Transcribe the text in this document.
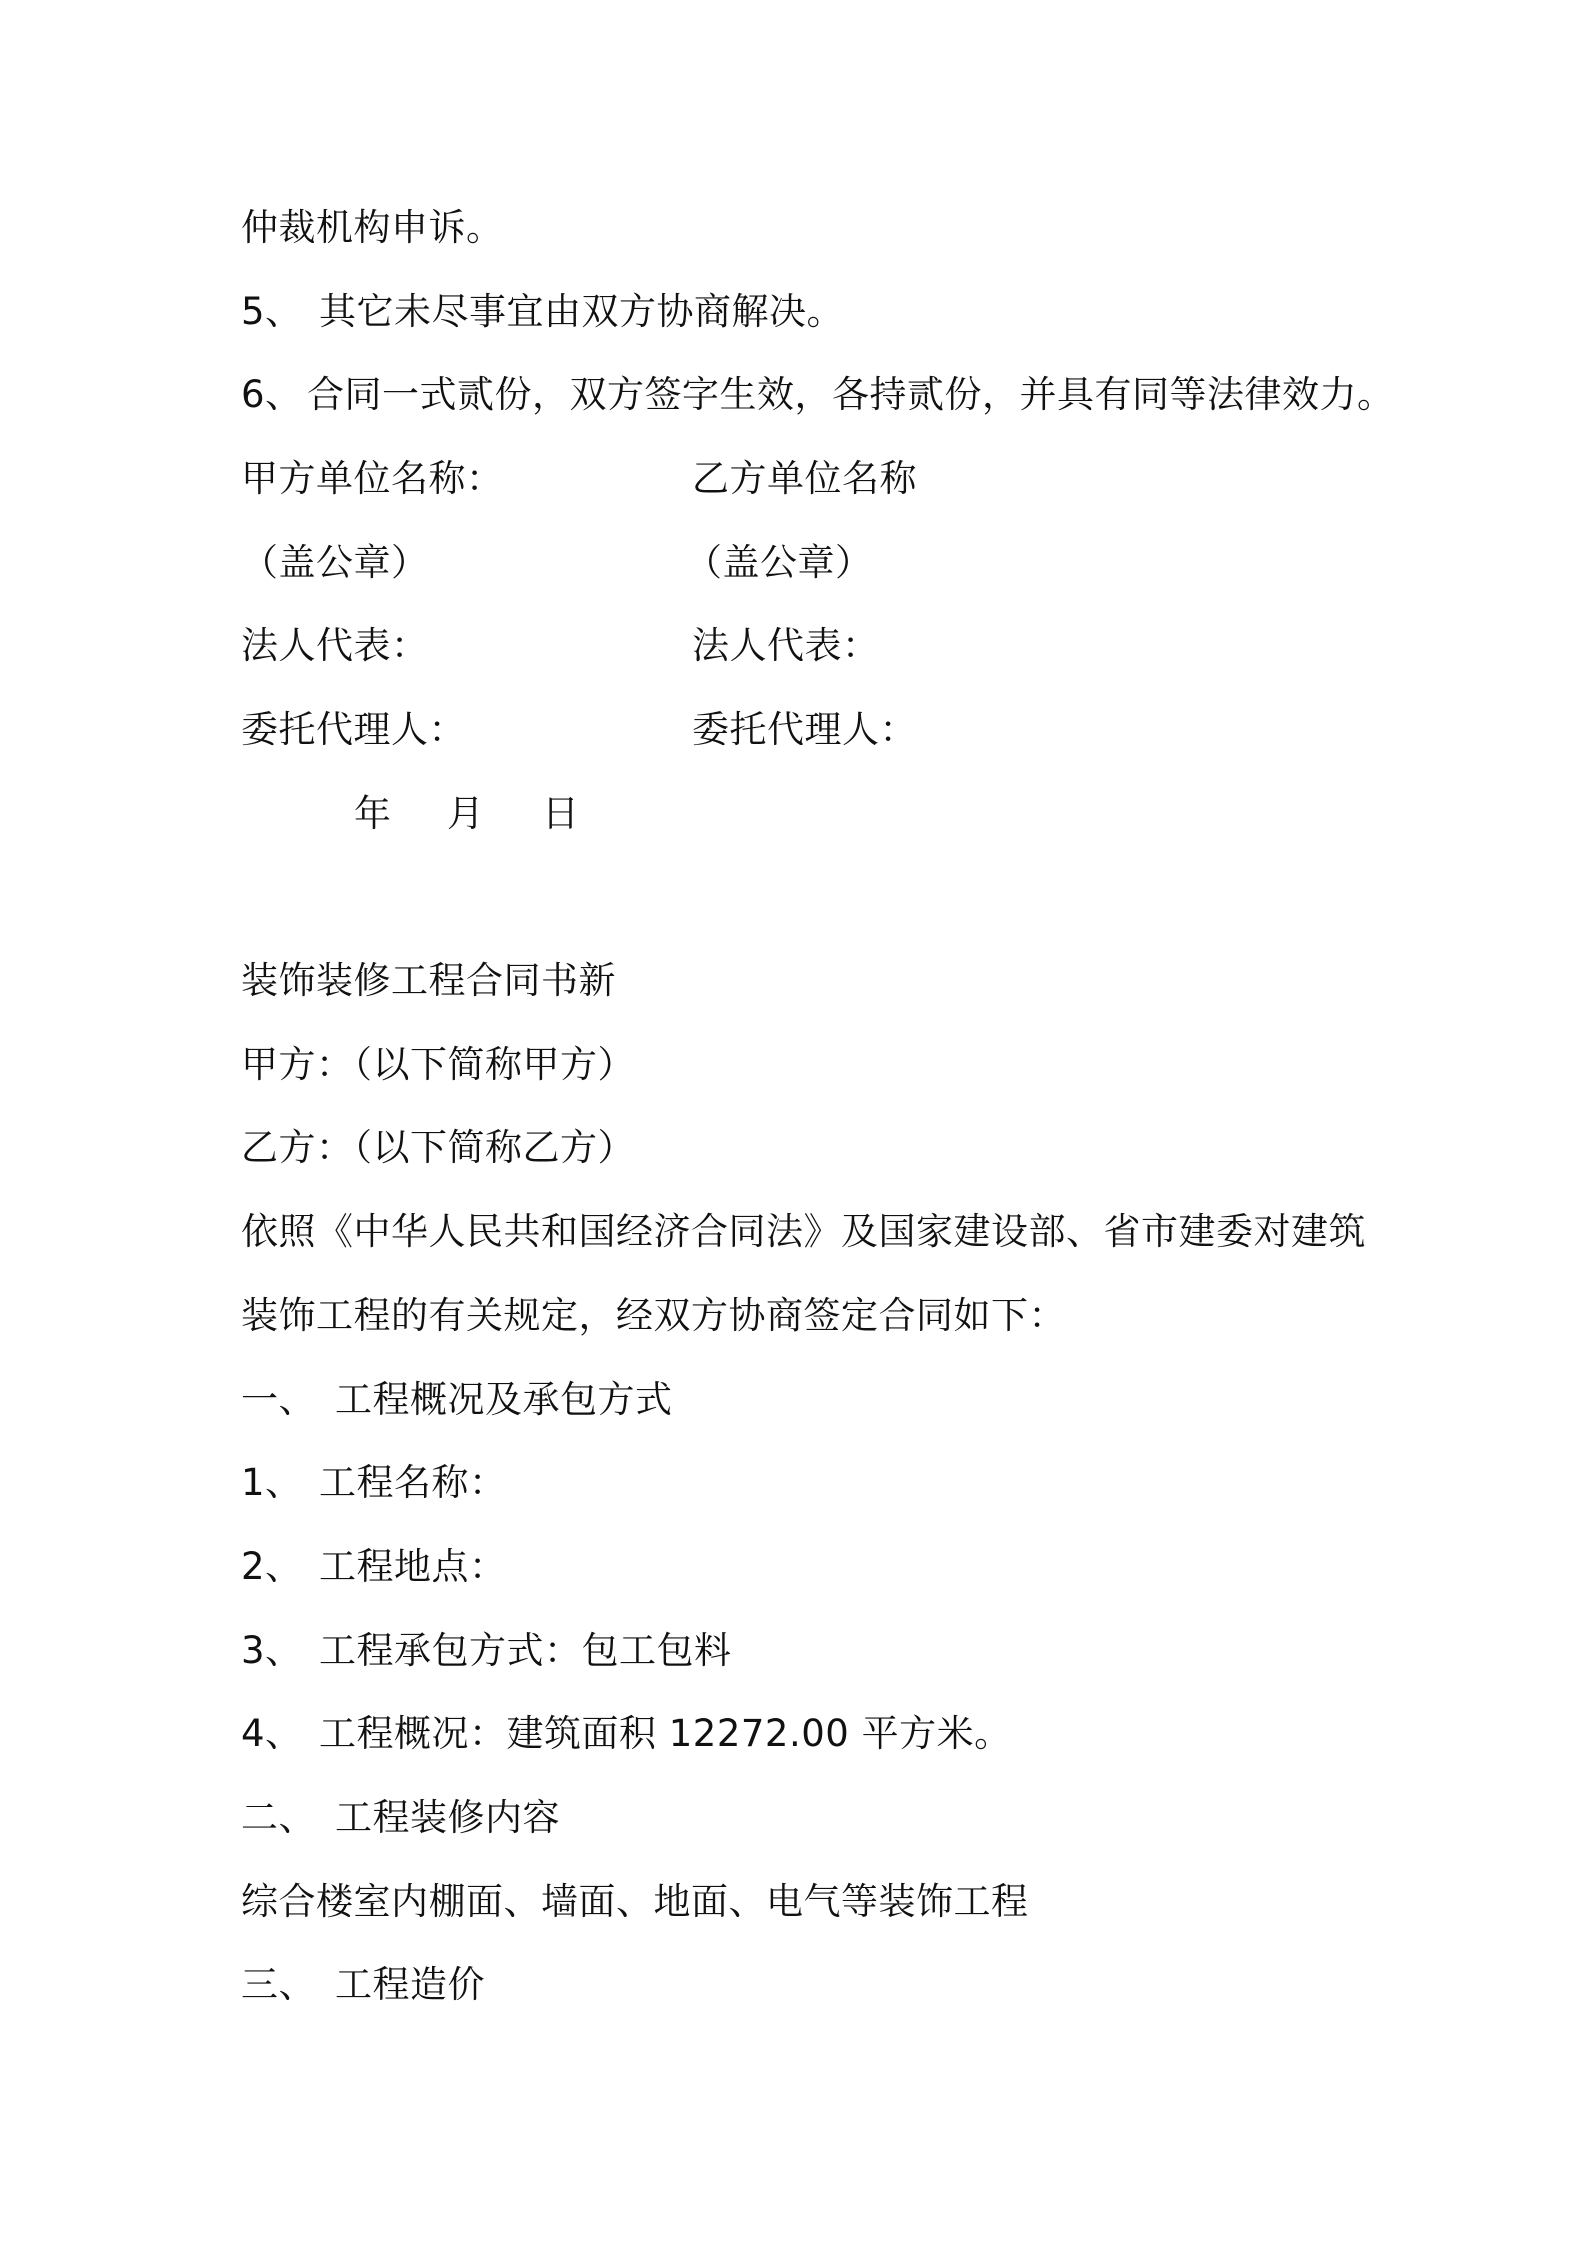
仲裁机构申诉。
5、 其它未尽事宜由双方协商解决。
6、 合同一式贰份，双方签字生效，各持贰份，并具有同等法律效力。
甲方单位名称：	乙方单位名称
（盖公章）	（盖公章）
法人代表：	法人代表：
委托代理人：	委托代理人：
年 月 日
装饰装修工程合同书新
甲方：（以下简称甲方）
乙方：（以下简称乙方）
依照《中华人民共和国经济合同法》及国家建设部、省市建委对建筑
装饰工程的有关规定，经双方协商签定合同如下：
一、 工程概况及承包方式
1、 工程名称：
2、 工程地点：
3、 工程承包方式：包工包料
4、 工程概况：建筑面积 12272.00 平方米。
二、 工程装修内容
综合楼室内棚面、墙面、地面、电气等装饰工程
三、 工程造价
